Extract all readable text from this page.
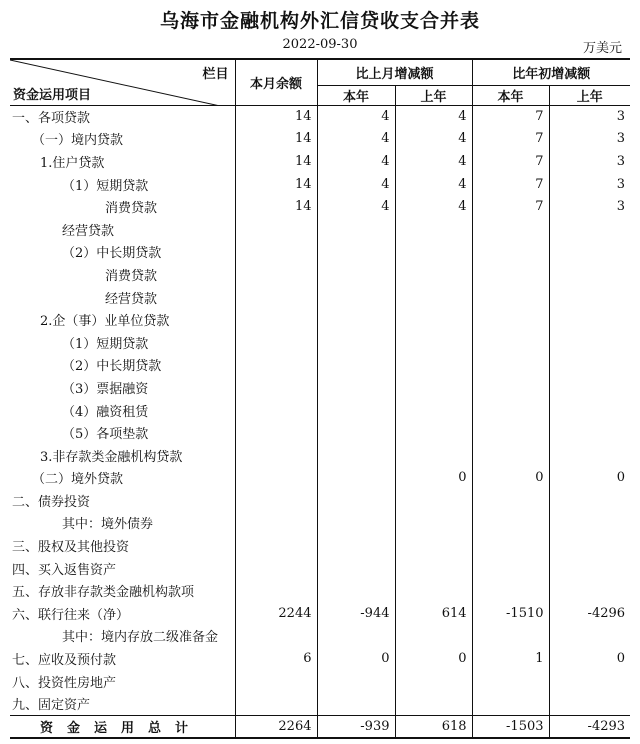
乌海市金融机构外汇信贷收支合并表
2022-09-30	万美元
栏目
资金运用项目	本月余额	比上月增减额		比年初增减额	
		本年	上年	本年	上年
一、各项贷款	14	4	4	7	3
（一）境内贷款	14	4	4	7	3
1.住户贷款	14	4	4	7	3
（1）短期贷款	14	4	4	7	3
消费贷款	14	4	4	7	3
经营贷款					
（2）中长期贷款					
消费贷款					
经营贷款					
2.企（事）业单位贷款					
（1）短期贷款					
（2）中长期贷款					
（3）票据融资					
（4）融资租赁					
（5）各项垫款					
3.非存款类金融机构贷款					
（二）境外贷款			0	0	0
二、债券投资					
其中：境外债券					
三、股权及其他投资					
四、买入返售资产					
五、存放非存款类金融机构款项					
六、联行往来（净）	2244	-944	614	-1510	-4296
其中：境内存放二级准备金					
七、应收及预付款	6	0	0	1	0
八、投资性房地产					
九、固定资产					
资金运用总计	2264	-939	618	-1503	-4293
